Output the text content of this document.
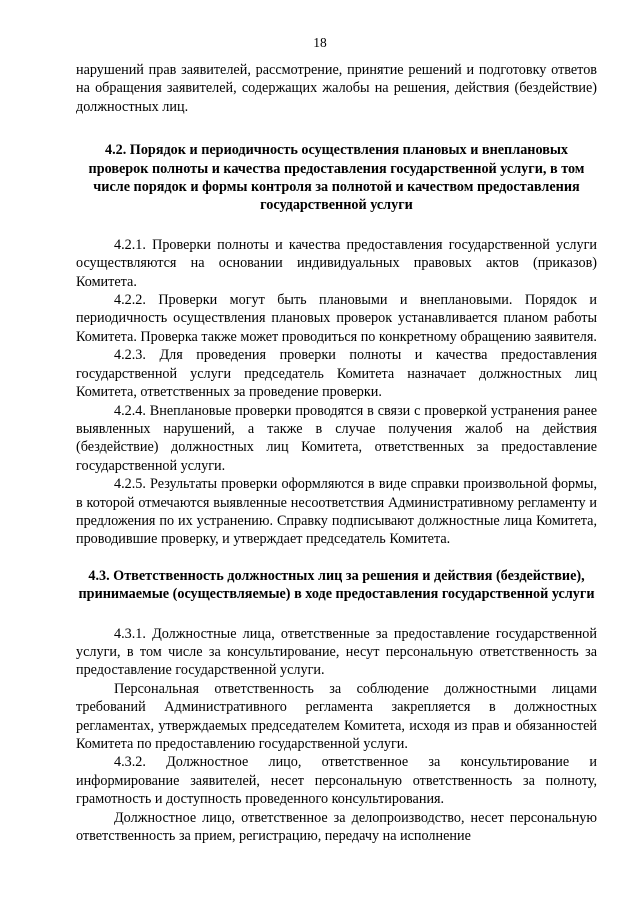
18

нарушений прав заявителей, рассмотрение, принятие решений и подготовку ответов на обращения заявителей, содержащих жалобы на решения, действия (бездействие) должностных лиц.

4.2. Порядок и периодичность осуществления плановых и внеплановых проверок полноты и качества предоставления государственной услуги, в том числе порядок и формы контроля за полнотой и качеством предоставления государственной услуги

4.2.1. Проверки полноты и качества предоставления государственной услуги осуществляются на основании индивидуальных правовых актов (приказов) Комитета.

4.2.2. Проверки могут быть плановыми и внеплановыми. Порядок и периодичность осуществления плановых проверок устанавливается планом работы Комитета. Проверка также может проводиться по конкретному обращению заявителя.

4.2.3. Для проведения проверки полноты и качества предоставления государственной услуги председатель Комитета назначает должностных лиц Комитета, ответственных за проведение проверки.

4.2.4. Внеплановые проверки проводятся в связи с проверкой устранения ранее выявленных нарушений, а также в случае получения жалоб на действия (бездействие) должностных лиц Комитета, ответственных за предоставление государственной услуги.

4.2.5. Результаты проверки оформляются в виде справки произвольной формы, в которой отмечаются выявленные несоответствия Административному регламенту и предложения по их устранению. Справку подписывают должностные лица Комитета, проводившие проверку, и утверждает председатель Комитета.

4.3. Ответственность должностных лиц за решения и действия (бездействие), принимаемые (осуществляемые) в ходе предоставления государственной услуги

4.3.1. Должностные лица, ответственные за предоставление государственной услуги, в том числе за консультирование, несут персональную ответственность за предоставление государственной услуги.

Персональная ответственность за соблюдение должностными лицами требований Административного регламента закрепляется в должностных регламентах, утверждаемых председателем Комитета, исходя из прав и обязанностей Комитета по предоставлению государственной услуги.

4.3.2. Должностное лицо, ответственное за консультирование и информирование заявителей, несет персональную ответственность за полноту, грамотность и доступность проведенного консультирования.

Должностное лицо, ответственное за делопроизводство, несет персональную ответственность за прием, регистрацию, передачу на исполнение
